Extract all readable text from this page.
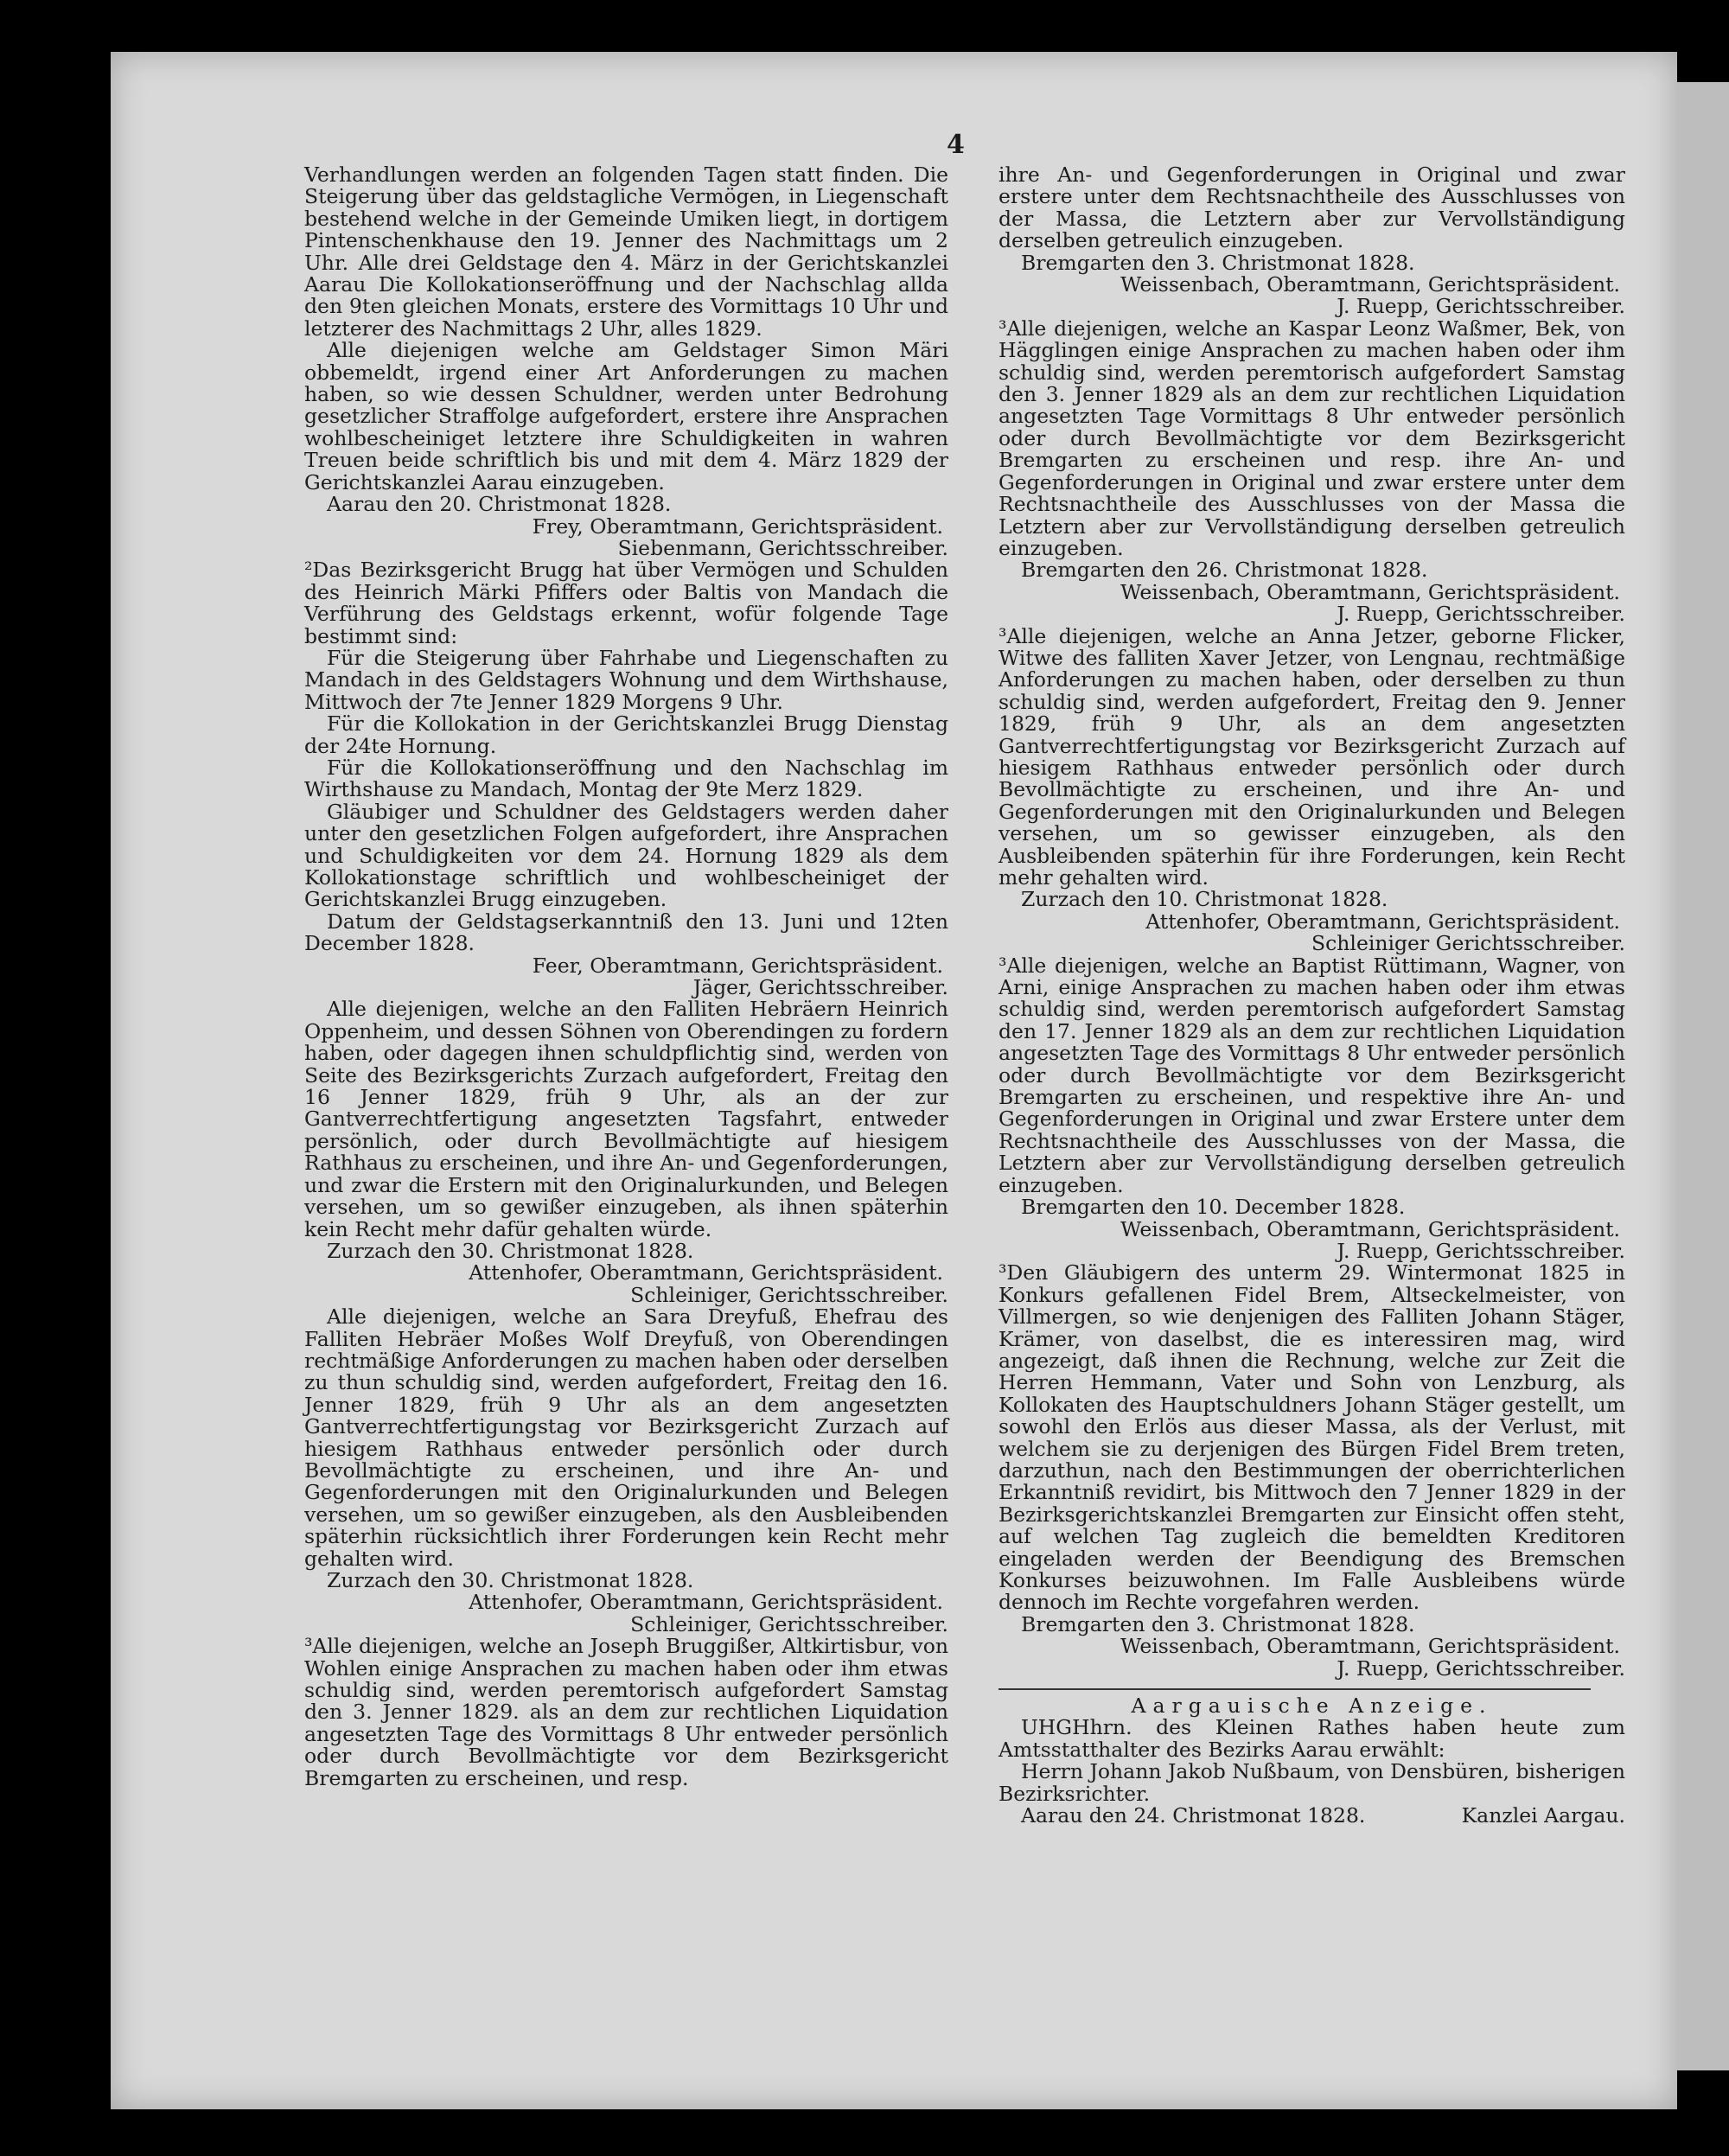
4

Verhandlungen werden an folgenden Tagen statt finden. Die Steigerung über das geldstagliche Vermögen, in Liegenschaft bestehend welche in der Gemeinde Umiken liegt, in dortigem Pintenschenkhause den 19. Jenner des Nachmittags um 2 Uhr. Alle drei Geldstage den 4. März in der Gerichtskanzlei Aarau Die Kollokationseröffnung und der Nachschlag allda den 9ten gleichen Monats, erstere des Vormittags 10 Uhr und letzterer des Nachmittags 2 Uhr, alles 1829.

Alle diejenigen welche am Geldstager Simon Märi obbemeldt, irgend einer Art Anforderungen zu machen haben, so wie dessen Schuldner, werden unter Bedrohung gesetzlicher Straffolge aufgefordert, erstere ihre Ansprachen wohlbescheiniget letztere ihre Schuldigkeiten in wahren Treuen beide schriftlich bis und mit dem 4. März 1829 der Gerichtskanzlei Aarau einzugeben.

Aarau den 20. Christmonat 1828.

Frey, Oberamtmann, Gerichtspräsident.

Siebenmann, Gerichtsschreiber.

²Das Bezirksgericht Brugg hat über Vermögen und Schulden des Heinrich Märki Pfiffers oder Baltis von Mandach die Verführung des Geldstags erkennt, wofür folgende Tage bestimmt sind:

Für die Steigerung über Fahrhabe und Liegenschaften zu Mandach in des Geldstagers Wohnung und dem Wirthshause, Mittwoch der 7te Jenner 1829 Morgens 9 Uhr.

Für die Kollokation in der Gerichtskanzlei Brugg Dienstag der 24te Hornung.

Für die Kollokationseröffnung und den Nachschlag im Wirthshause zu Mandach, Montag der 9te Merz 1829.

Gläubiger und Schuldner des Geldstagers werden daher unter den gesetzlichen Folgen aufgefordert, ihre Ansprachen und Schuldigkeiten vor dem 24. Hornung 1829 als dem Kollokationstage schriftlich und wohlbescheiniget der Gerichtskanzlei Brugg einzugeben.

Datum der Geldstagserkanntniß den 13. Juni und 12ten December 1828.

Feer, Oberamtmann, Gerichtspräsident.

Jäger, Gerichtsschreiber.

Alle diejenigen, welche an den Falliten Hebräern Heinrich Oppenheim, und dessen Söhnen von Oberendingen zu fordern haben, oder dagegen ihnen schuldpflichtig sind, werden von Seite des Bezirksgerichts Zurzach aufgefordert, Freitag den 16 Jenner 1829, früh 9 Uhr, als an der zur Gantverrechtfertigung angesetzten Tagsfahrt, entweder persönlich, oder durch Bevollmächtigte auf hiesigem Rathhaus zu erscheinen, und ihre An- und Gegenforderungen, und zwar die Erstern mit den Originalurkunden, und Belegen versehen, um so gewißer einzugeben, als ihnen späterhin kein Recht mehr dafür gehalten würde.

Zurzach den 30. Christmonat 1828.

Attenhofer, Oberamtmann, Gerichtspräsident.

Schleiniger, Gerichtsschreiber.

Alle diejenigen, welche an Sara Dreyfuß, Ehefrau des Falliten Hebräer Moßes Wolf Dreyfuß, von Oberendingen rechtmäßige Anforderungen zu machen haben oder derselben zu thun schuldig sind, werden aufgefordert, Freitag den 16. Jenner 1829, früh 9 Uhr als an dem angesetzten Gantverrechtfertigungstag vor Bezirksgericht Zurzach auf hiesigem Rathhaus entweder persönlich oder durch Bevollmächtigte zu erscheinen, und ihre An- und Gegenforderungen mit den Originalurkunden und Belegen versehen, um so gewißer einzugeben, als den Ausbleibenden späterhin rücksichtlich ihrer Forderungen kein Recht mehr gehalten wird.

Zurzach den 30. Christmonat 1828.

Attenhofer, Oberamtmann, Gerichtspräsident.

Schleiniger, Gerichtsschreiber.

³Alle diejenigen, welche an Joseph Bruggißer, Altkirtisbur, von Wohlen einige Ansprachen zu machen haben oder ihm etwas schuldig sind, werden peremtorisch aufgefordert Samstag den 3. Jenner 1829. als an dem zur rechtlichen Liquidation angesetzten Tage des Vormittags 8 Uhr entweder persönlich oder durch Bevollmächtigte vor dem Bezirksgericht Bremgarten zu erscheinen, und resp.

ihre An- und Gegenforderungen in Original und zwar erstere unter dem Rechtsnachtheile des Ausschlusses von der Massa, die Letztern aber zur Vervollständigung derselben getreulich einzugeben.

Bremgarten den 3. Christmonat 1828.

Weissenbach, Oberamtmann, Gerichtspräsident.

J. Ruepp, Gerichtsschreiber.

³Alle diejenigen, welche an Kaspar Leonz Waßmer, Bek, von Hägglingen einige Ansprachen zu machen haben oder ihm schuldig sind, werden peremtorisch aufgefordert Samstag den 3. Jenner 1829 als an dem zur rechtlichen Liquidation angesetzten Tage Vormittags 8 Uhr entweder persönlich oder durch Bevollmächtigte vor dem Bezirksgericht Bremgarten zu erscheinen und resp. ihre An- und Gegenforderungen in Original und zwar erstere unter dem Rechtsnachtheile des Ausschlusses von der Massa die Letztern aber zur Vervollständigung derselben getreulich einzugeben.

Bremgarten den 26. Christmonat 1828.

Weissenbach, Oberamtmann, Gerichtspräsident.

J. Ruepp, Gerichtsschreiber.

³Alle diejenigen, welche an Anna Jetzer, geborne Flicker, Witwe des falliten Xaver Jetzer, von Lengnau, rechtmäßige Anforderungen zu machen haben, oder derselben zu thun schuldig sind, werden aufgefordert, Freitag den 9. Jenner 1829, früh 9 Uhr, als an dem angesetzten Gantverrechtfertigungstag vor Bezirksgericht Zurzach auf hiesigem Rathhaus entweder persönlich oder durch Bevollmächtigte zu erscheinen, und ihre An- und Gegenforderungen mit den Originalurkunden und Belegen versehen, um so gewisser einzugeben, als den Ausbleibenden späterhin für ihre Forderungen, kein Recht mehr gehalten wird.

Zurzach den 10. Christmonat 1828.

Attenhofer, Oberamtmann, Gerichtspräsident.

Schleiniger Gerichtsschreiber.

³Alle diejenigen, welche an Baptist Rüttimann, Wagner, von Arni, einige Ansprachen zu machen haben oder ihm etwas schuldig sind, werden peremtorisch aufgefordert Samstag den 17. Jenner 1829 als an dem zur rechtlichen Liquidation angesetzten Tage des Vormittags 8 Uhr entweder persönlich oder durch Bevollmächtigte vor dem Bezirksgericht Bremgarten zu erscheinen, und respektive ihre An- und Gegenforderungen in Original und zwar Erstere unter dem Rechtsnachtheile des Ausschlusses von der Massa, die Letztern aber zur Vervollständigung derselben getreulich einzugeben.

Bremgarten den 10. December 1828.

Weissenbach, Oberamtmann, Gerichtspräsident.

J. Ruepp, Gerichtsschreiber.

³Den Gläubigern des unterm 29. Wintermonat 1825 in Konkurs gefallenen Fidel Brem, Altseckelmeister, von Villmergen, so wie denjenigen des Falliten Johann Stäger, Krämer, von daselbst, die es interessiren mag, wird angezeigt, daß ihnen die Rechnung, welche zur Zeit die Herren Hemmann, Vater und Sohn von Lenzburg, als Kollokaten des Hauptschuldners Johann Stäger gestellt, um sowohl den Erlös aus dieser Massa, als der Verlust, mit welchem sie zu derjenigen des Bürgen Fidel Brem treten, darzuthun, nach den Bestimmungen der oberrichterlichen Erkanntniß revidirt, bis Mittwoch den 7 Jenner 1829 in der Bezirksgerichtskanzlei Bremgarten zur Einsicht offen steht, auf welchen Tag zugleich die bemeldten Kreditoren eingeladen werden der Beendigung des Bremschen Konkurses beizuwohnen. Im Falle Ausbleibens würde dennoch im Rechte vorgefahren werden.

Bremgarten den 3. Christmonat 1828.

Weissenbach, Oberamtmann, Gerichtspräsident.

J. Ruepp, Gerichtsschreiber.

Aargauische Anzeige.

UHGHhrn. des Kleinen Rathes haben heute zum Amtsstatthalter des Bezirks Aarau erwählt:

Herrn Johann Jakob Nußbaum, von Densbüren, bisherigen Bezirksrichter.

Aarau den 24. Christmonat 1828.	Kanzlei Aargau.
